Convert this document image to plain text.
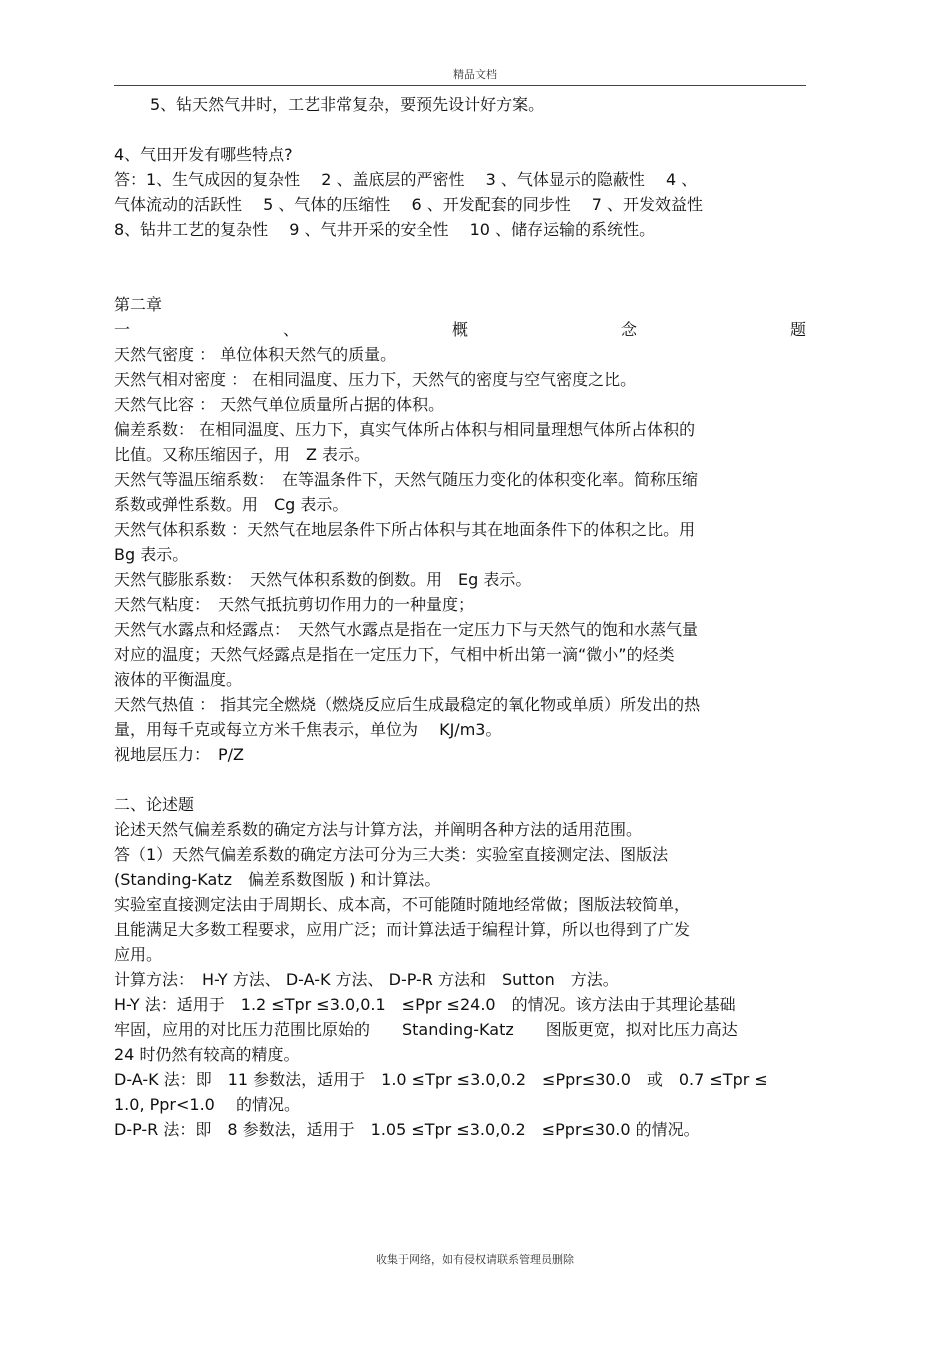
精品文档
5、钻天然气井时，工艺非常复杂，要预先设计好方案。
4、气田开发有哪些特点?
答：1、生气成因的复杂性　 2 、盖底层的严密性　 3 、气体显示的隐蔽性　 4 、
气体流动的活跃性　 5 、气体的压缩性　 6 、开发配套的同步性　 7 、开发效益性
8、钻井工艺的复杂性　 9 、气井开采的安全性　 10 、储存运输的系统性。
第二章
一	、	概	念	题
天然气密度 ： 单位体积天然气的质量。
天然气相对密度 ： 在相同温度、压力下，天然气的密度与空气密度之比。
天然气比容 ： 天然气单位质量所占据的体积。
偏差系数： 在相同温度、压力下，真实气体所占体积与相同量理想气体所占体积的
比值。又称压缩因子，用　Z 表示。
天然气等温压缩系数：　在等温条件下，天然气随压力变化的体积变化率。简称压缩
系数或弹性系数。用　Cg 表示。
天然气体积系数 ：天然气在地层条件下所占体积与其在地面条件下的体积之比。用
Bg 表示。
天然气膨胀系数：　天然气体积系数的倒数。用　Eg 表示。
天然气粘度：　天然气抵抗剪切作用力的一种量度；
天然气水露点和烃露点：　天然气水露点是指在一定压力下与天然气的饱和水蒸气量
对应的温度；天然气烃露点是指在一定压力下，气相中析出第一滴“微小”的烃类
液体的平衡温度。
天然气热值 ： 指其完全燃烧（燃烧反应后生成最稳定的氧化物或单质）所发出的热
量，用每千克或每立方米千焦表示，单位为　 KJ/m3。
视地层压力：　P/Z
二、论述题
论述天然气偏差系数的确定方法与计算方法，并阐明各种方法的适用范围。
答（1）天然气偏差系数的确定方法可分为三大类：实验室直接测定法、图版法
(Standing-Katz　偏差系数图版 ) 和计算法。
实验室直接测定法由于周期长、成本高，不可能随时随地经常做；图版法较简单，
且能满足大多数工程要求，应用广泛；而计算法适于编程计算，所以也得到了广发
应用。
计算方法：　H-Y 方法、 D-A-K 方法、 D-P-R 方法和　Sutton　方法。
H-Y 法：适用于　1.2 ≤Tpr ≤3.0,0.1　≤Ppr ≤24.0　的情况。该方法由于其理论基础
牢固，应用的对比压力范围比原始的　　Standing-Katz　　图版更宽，拟对比压力高达
24 时仍然有较高的精度。
D-A-K 法：即　11 参数法，适用于　1.0 ≤Tpr ≤3.0,0.2　≤Ppr≤30.0　或　0.7 ≤Tpr ≤
1.0, Ppr<1.0　 的情况。
D-P-R 法：即　8 参数法，适用于　1.05 ≤Tpr ≤3.0,0.2　≤Ppr≤30.0 的情况。
收集于网络，如有侵权请联系管理员删除
